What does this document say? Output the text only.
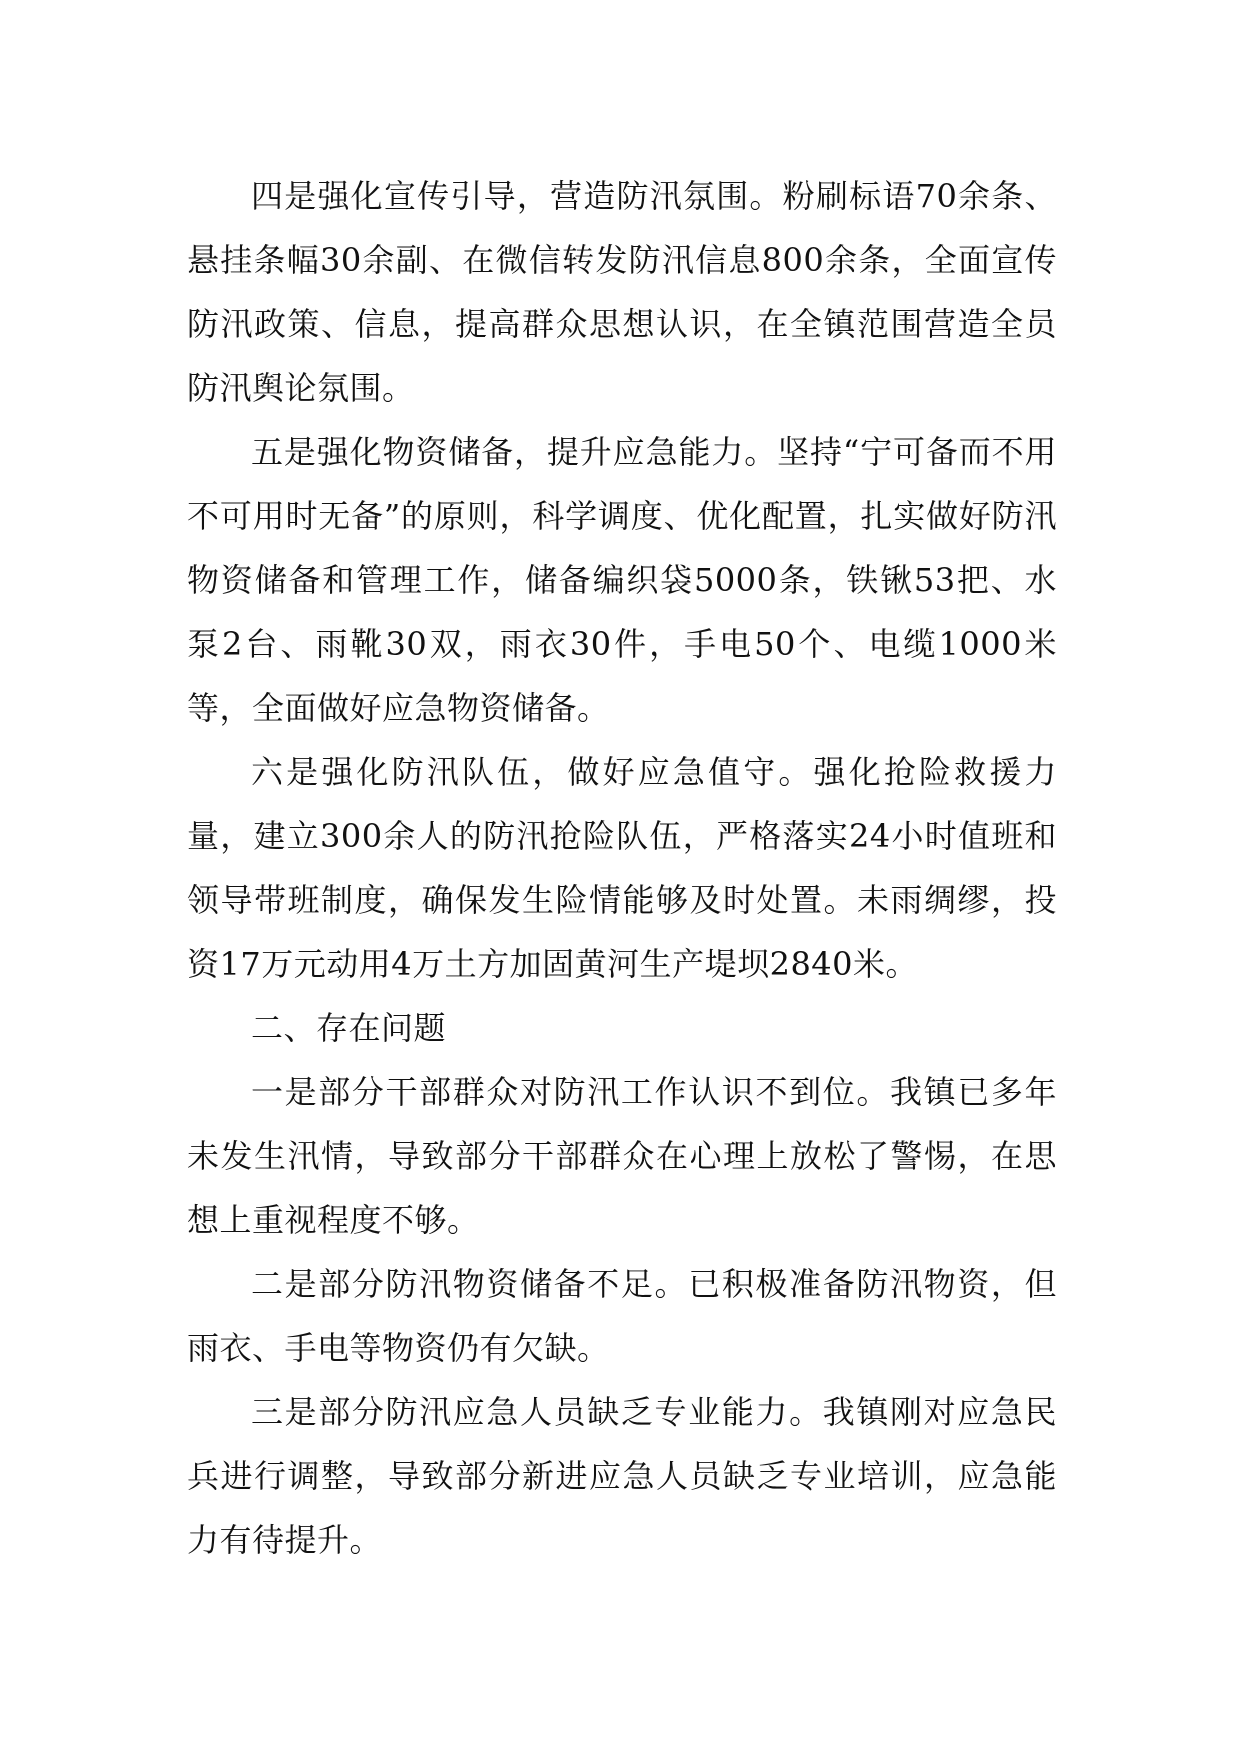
四是强化宣传引导，营造防汛氛围。粉刷标语70余条、悬挂条幅30余副、在微信转发防汛信息800余条，全面宣传防汛政策、信息，提高群众思想认识，在全镇范围营造全员防汛舆论氛围。

五是强化物资储备，提升应急能力。坚持“宁可备而不用不可用时无备”的原则，科学调度、优化配置，扎实做好防汛物资储备和管理工作，储备编织袋5000条，铁锹53把、水泵2台、雨靴30双，雨衣30件，手电50个、电缆1000米等，全面做好应急物资储备。

六是强化防汛队伍，做好应急值守。强化抢险救援力量，建立300余人的防汛抢险队伍，严格落实24小时值班和领导带班制度，确保发生险情能够及时处置。未雨绸缪，投资17万元动用4万土方加固黄河生产堤坝2840米。

二、存在问题

一是部分干部群众对防汛工作认识不到位。我镇已多年未发生汛情，导致部分干部群众在心理上放松了警惕，在思想上重视程度不够。

二是部分防汛物资储备不足。已积极准备防汛物资，但雨衣、手电等物资仍有欠缺。

三是部分防汛应急人员缺乏专业能力。我镇刚对应急民兵进行调整，导致部分新进应急人员缺乏专业培训，应急能力有待提升。
